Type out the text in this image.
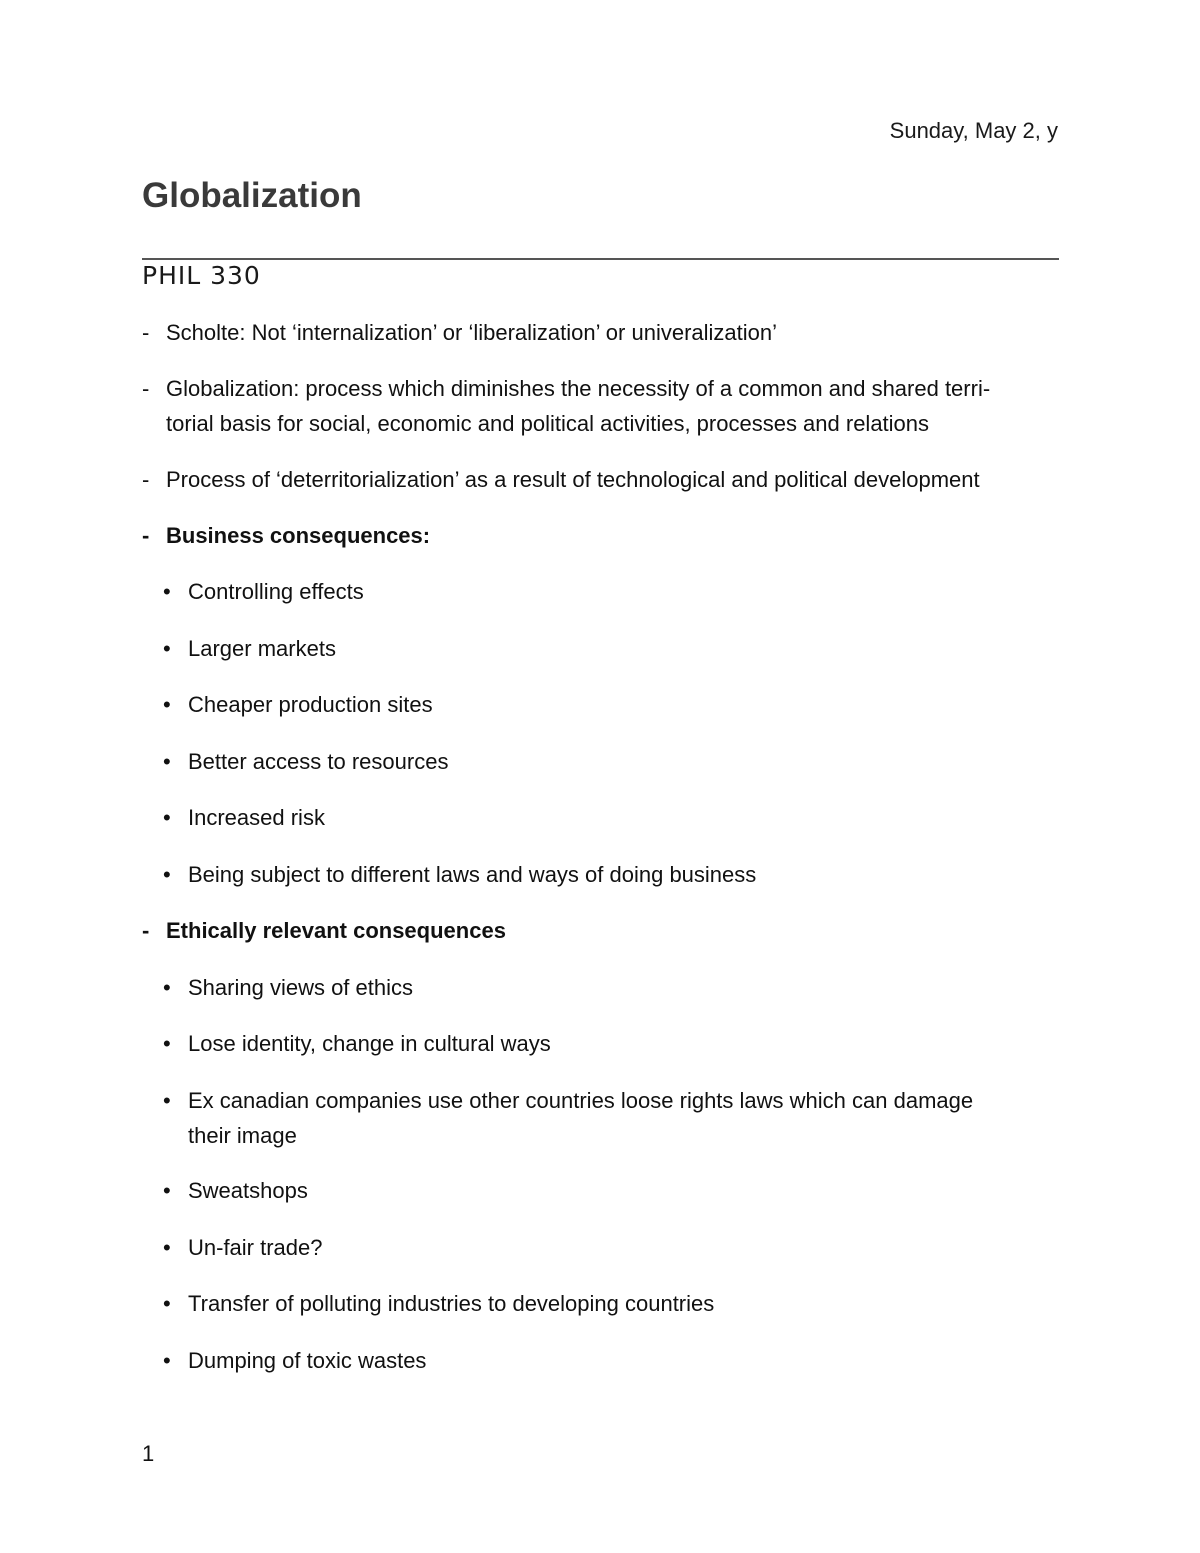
Sunday, May 2, y
Globalization
PHIL 330
- Scholte: Not ‘internalization’ or ‘liberalization’ or univeralization’
- Globalization: process which diminishes the necessity of a common and shared terri-
torial basis for social, economic and political activities, processes and relations
- Process of ‘deterritorialization’ as a result of technological and political development
- Business consequences:
• Controlling effects
• Larger markets
• Cheaper production sites
• Better access to resources
• Increased risk
• Being subject to different laws and ways of doing business
- Ethically relevant consequences
• Sharing views of ethics
• Lose identity, change in cultural ways
• Ex canadian companies use other countries loose rights laws which can damage
their image
• Sweatshops
• Un-fair trade?
• Transfer of polluting industries to developing countries
• Dumping of toxic wastes
1
